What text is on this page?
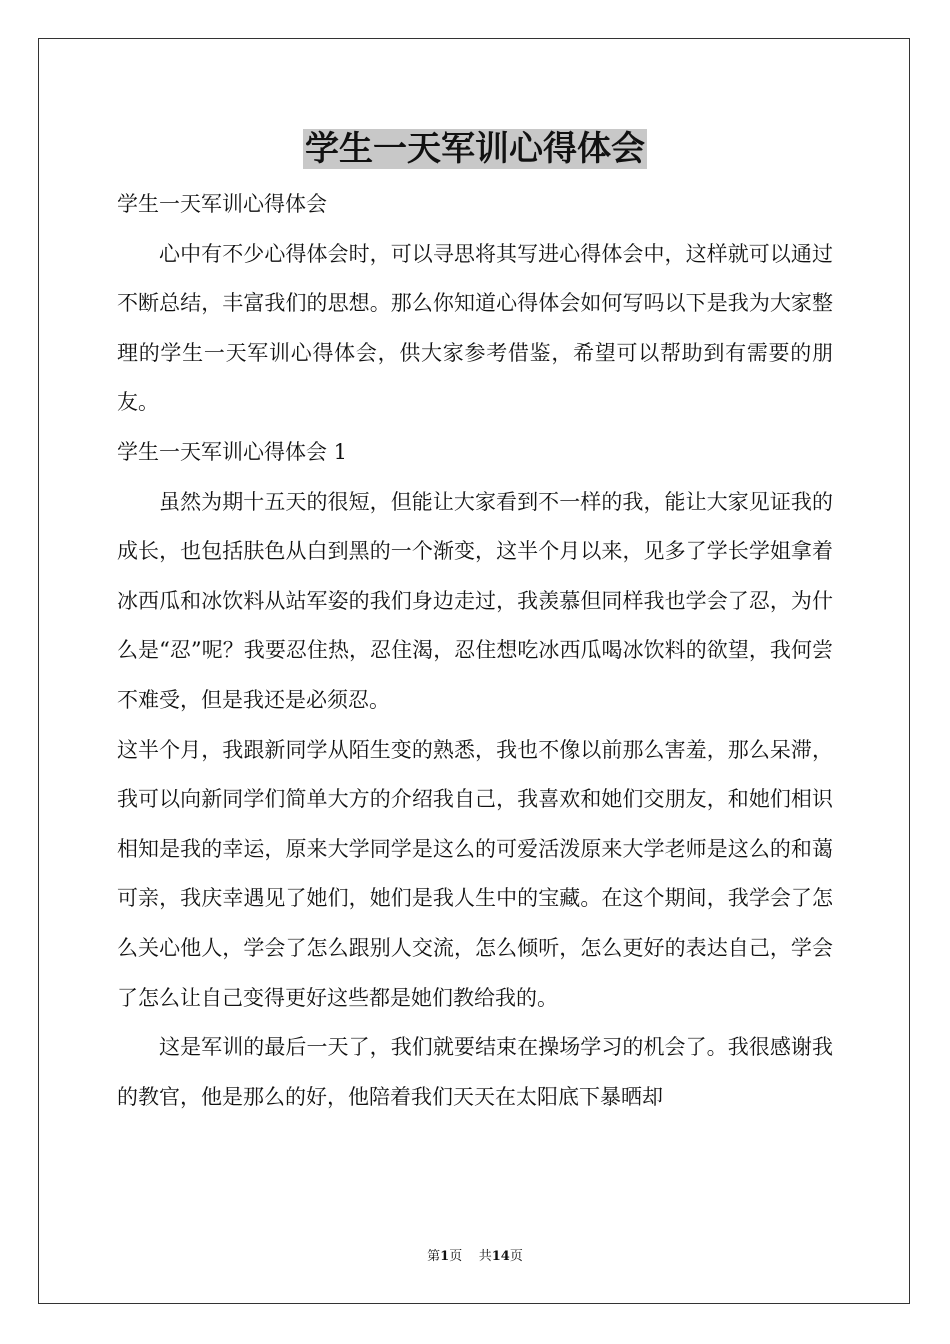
学生一天军训心得体会

学生一天军训心得体会

心中有不少心得体会时，可以寻思将其写进心得体会中，这样就可以通过不断总结，丰富我们的思想。那么你知道心得体会如何写吗以下是我为大家整理的学生一天军训心得体会，供大家参考借鉴，希望可以帮助到有需要的朋友。

学生一天军训心得体会 1

虽然为期十五天的很短，但能让大家看到不一样的我，能让大家见证我的成长，也包括肤色从白到黑的一个渐变，这半个月以来，见多了学长学姐拿着冰西瓜和冰饮料从站军姿的我们身边走过，我羡慕但同样我也学会了忍，为什么是“忍”呢？我要忍住热，忍住渴，忍住想吃冰西瓜喝冰饮料的欲望，我何尝不难受，但是我还是必须忍。

这半个月，我跟新同学从陌生变的熟悉，我也不像以前那么害羞，那么呆滞，我可以向新同学们简单大方的介绍我自己，我喜欢和她们交朋友，和她们相识相知是我的幸运，原来大学同学是这么的可爱活泼原来大学老师是这么的和蔼可亲，我庆幸遇见了她们，她们是我人生中的宝藏。在这个期间，我学会了怎么关心他人，学会了怎么跟别人交流，怎么倾听，怎么更好的表达自己，学会了怎么让自己变得更好这些都是她们教给我的。

这是军训的最后一天了，我们就要结束在操场学习的机会了。我很感谢我的教官，他是那么的好，他陪着我们天天在太阳底下暴晒却

第1页 共14页
